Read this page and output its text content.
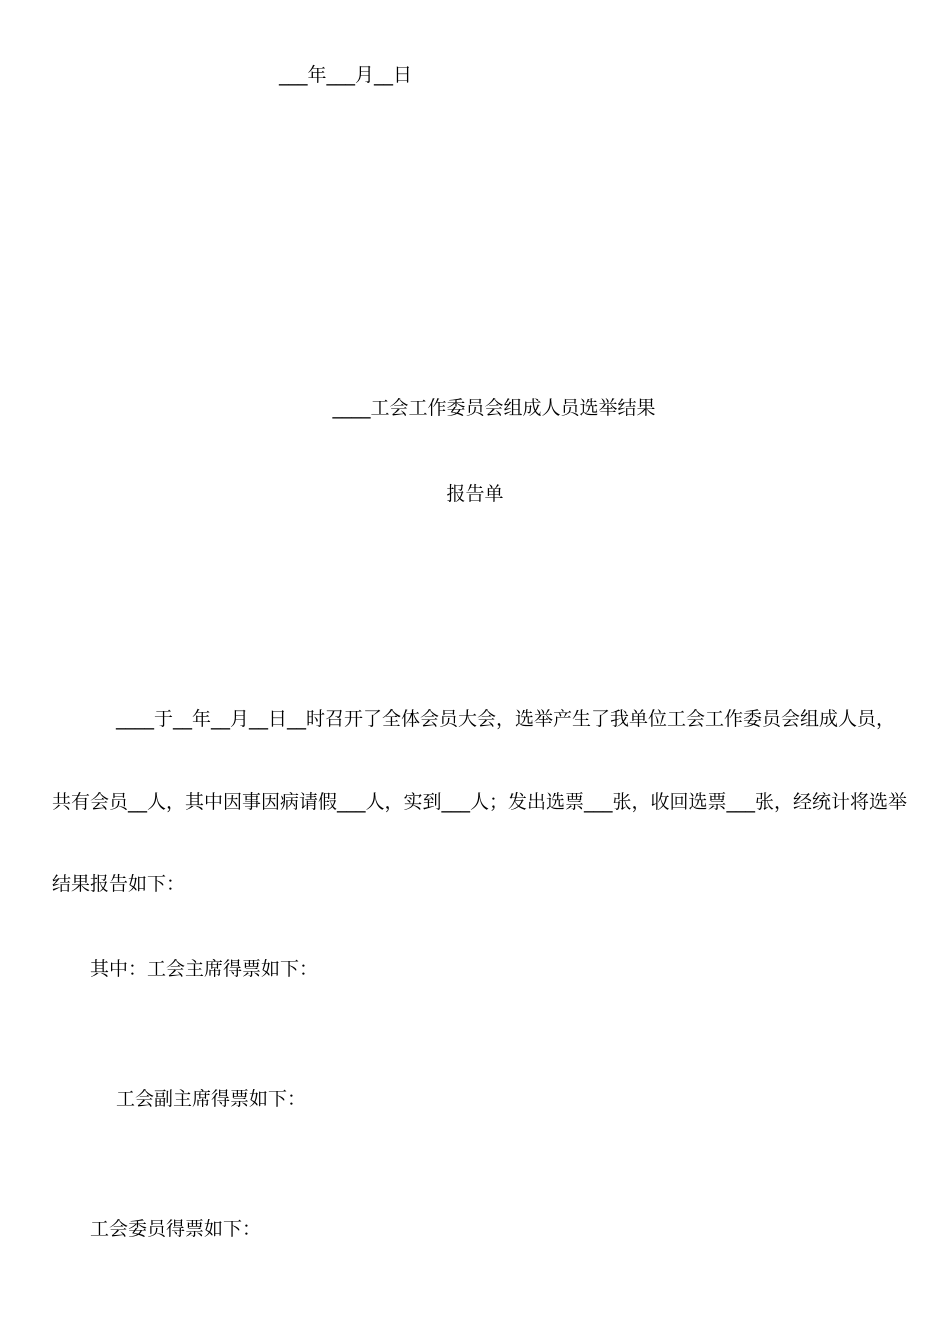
___年___月__日
____工会工作委员会组成人员选举结果
报告单
____于__年__月__日__时召开了全体会员大会，选举产生了我单位工会工作委员会组成人员，
共有会员__人，其中因事因病请假___人，实到___人；发出选票___张，收回选票___张，经统计将选举
结果报告如下：
其中：工会主席得票如下：
工会副主席得票如下：
工会委员得票如下：
